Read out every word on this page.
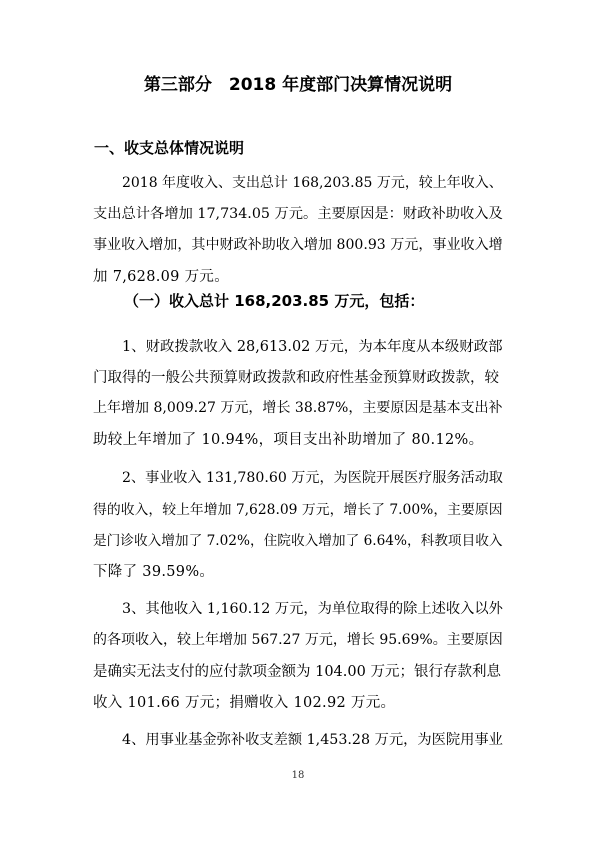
第三部分　2018 年度部门决算情况说明
一、收支总体情况说明
2018 年度收入、支出总计 168,203.85 万元，较上年收入、
支出总计各增加 17,734.05 万元。主要原因是：财政补助收入及
事业收入增加，其中财政补助收入增加 800.93 万元，事业收入增
加 7,628.09 万元。
（一）收入总计 168,203.85 万元，包括：
1、财政拨款收入 28,613.02 万元，为本年度从本级财政部
门取得的一般公共预算财政拨款和政府性基金预算财政拨款，较
上年增加 8,009.27 万元，增长 38.87%，主要原因是基本支出补
助较上年增加了 10.94%，项目支出补助增加了 80.12%。
2、事业收入 131,780.60 万元，为医院开展医疗服务活动取
得的收入，较上年增加 7,628.09 万元，增长了 7.00%，主要原因
是门诊收入增加了 7.02%，住院收入增加了 6.64%，科教项目收入
下降了 39.59%。
3、其他收入 1,160.12 万元，为单位取得的除上述收入以外
的各项收入，较上年增加 567.27 万元，增长 95.69%。主要原因
是确实无法支付的应付款项金额为 104.00 万元；银行存款利息
收入 101.66 万元；捐赠收入 102.92 万元。
4、用事业基金弥补收支差额 1,453.28 万元，为医院用事业
18
